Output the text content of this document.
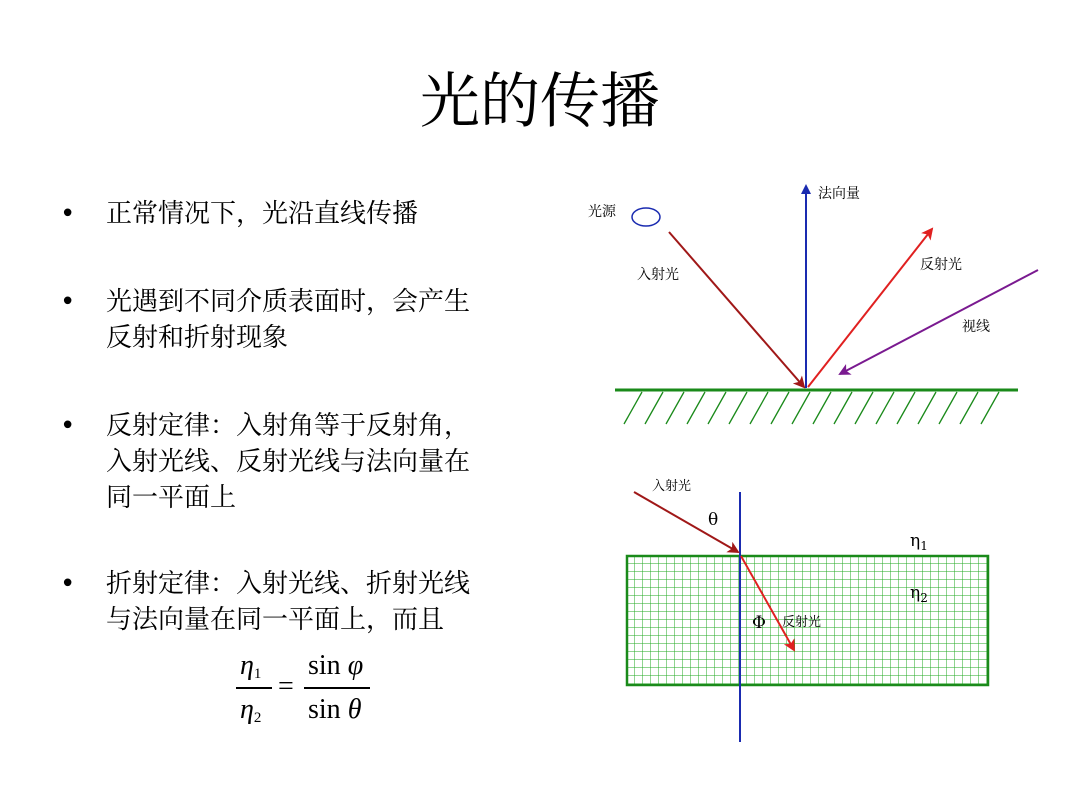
光的传播
• 正常情况下，光沿直线传播
• 光遇到不同介质表面时，会产生
反射和折射现象
• 反射定律：入射角等于反射角，
入射光线、反射光线与法向量在
同一平面上
• 折射定律：入射光线、折射光线
与法向量在同一平面上，而且
$\eta_1$
$\eta_2$
=
sin φ
sin θ
法向量
光源
入射光
反射光
视线
入射光
θ
Φ 反射光
$\eta_1$
$\eta_2$
